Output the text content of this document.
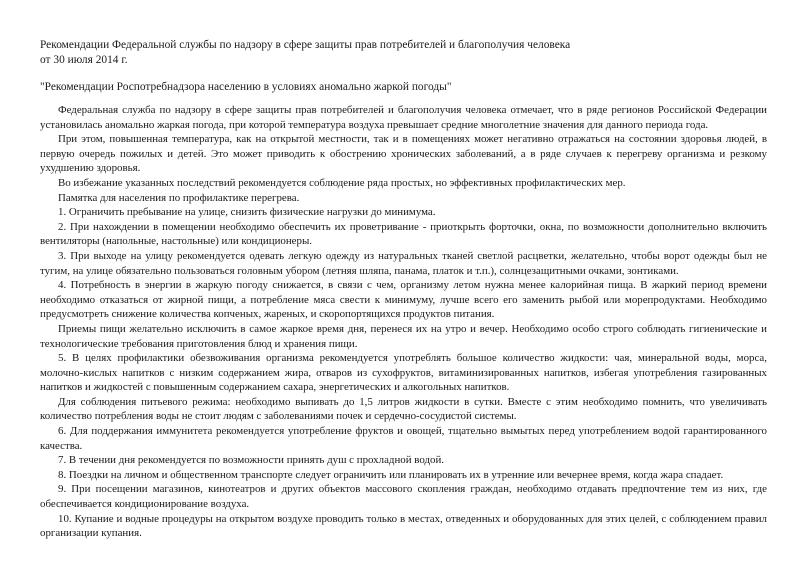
Рекомендации Федеральной службы по надзору в сфере защиты прав потребителей и благополучия человека

от 30 июля 2014 г.

"Рекомендации Роспотребнадзора населению в условиях аномально жаркой погоды"

Федеральная служба по надзору в сфере защиты прав потребителей и благополучия человека отмечает, что в ряде регионов Российской Федерации установилась аномально жаркая погода, при которой температура воздуха превышает средние многолетние значения для данного периода года.

При этом, повышенная температура, как на открытой местности, так и в помещениях может негативно отражаться на состоянии здоровья людей, в первую очередь пожилых и детей. Это может приводить к обострению хронических заболеваний, а в ряде случаев к перегреву организма и резкому ухудшению здоровья.

Во избежание указанных последствий рекомендуется соблюдение ряда простых, но эффективных профилактических мер.

Памятка для населения по профилактике перегрева.

1. Ограничить пребывание на улице, снизить физические нагрузки до минимума.

2. При нахождении в помещении необходимо обеспечить их проветривание - приоткрыть форточки, окна, по возможности дополнительно включить вентиляторы (напольные, настольные) или кондиционеры.

3. При выходе на улицу рекомендуется одевать легкую одежду из натуральных тканей светлой расцветки, желательно, чтобы ворот одежды был не тугим, на улице обязательно пользоваться головным убором (летняя шляпа, панама, платок и т.п.), солнцезащитными очками, зонтиками.

4. Потребность в энергии в жаркую погоду снижается, в связи с чем, организму летом нужна менее калорийная пища. В жаркий период времени необходимо отказаться от жирной пищи, а потребление мяса свести к минимуму, лучше всего его заменить рыбой или морепродуктами. Необходимо предусмотреть снижение количества копченых, жареных, и скоропортящихся продуктов питания.

Приемы пищи желательно исключить в самое жаркое время дня, перенеся их на утро и вечер. Необходимо особо строго соблюдать гигиенические и технологические требования приготовления блюд и хранения пищи.

5. В целях профилактики обезвоживания организма рекомендуется употреблять большое количество жидкости: чая, минеральной воды, морса, молочно-кислых напитков с низким содержанием жира, отваров из сухофруктов, витаминизированных напитков, избегая употребления газированных напитков и жидкостей с повышенным содержанием сахара, энергетических и алкогольных напитков.

Для соблюдения питьевого режима: необходимо выпивать до 1,5 литров жидкости в сутки. Вместе с этим необходимо помнить, что увеличивать количество потребления воды не стоит людям с заболеваниями почек и сердечно-сосудистой системы.

6. Для поддержания иммунитета рекомендуется употребление фруктов и овощей, тщательно вымытых перед употреблением водой гарантированного качества.

7. В течении дня рекомендуется по возможности принять душ с прохладной водой.

8. Поездки на личном и общественном транспорте следует ограничить или планировать их в утренние или вечернее время, когда жара спадает.

9. При посещении магазинов, кинотеатров и других объектов массового скопления граждан, необходимо отдавать предпочтение тем из них, где обеспечивается кондиционирование воздуха.

10. Купание и водные процедуры на открытом воздухе проводить только в местах, отведенных и оборудованных для этих целей, с соблюдением правил организации купания.
